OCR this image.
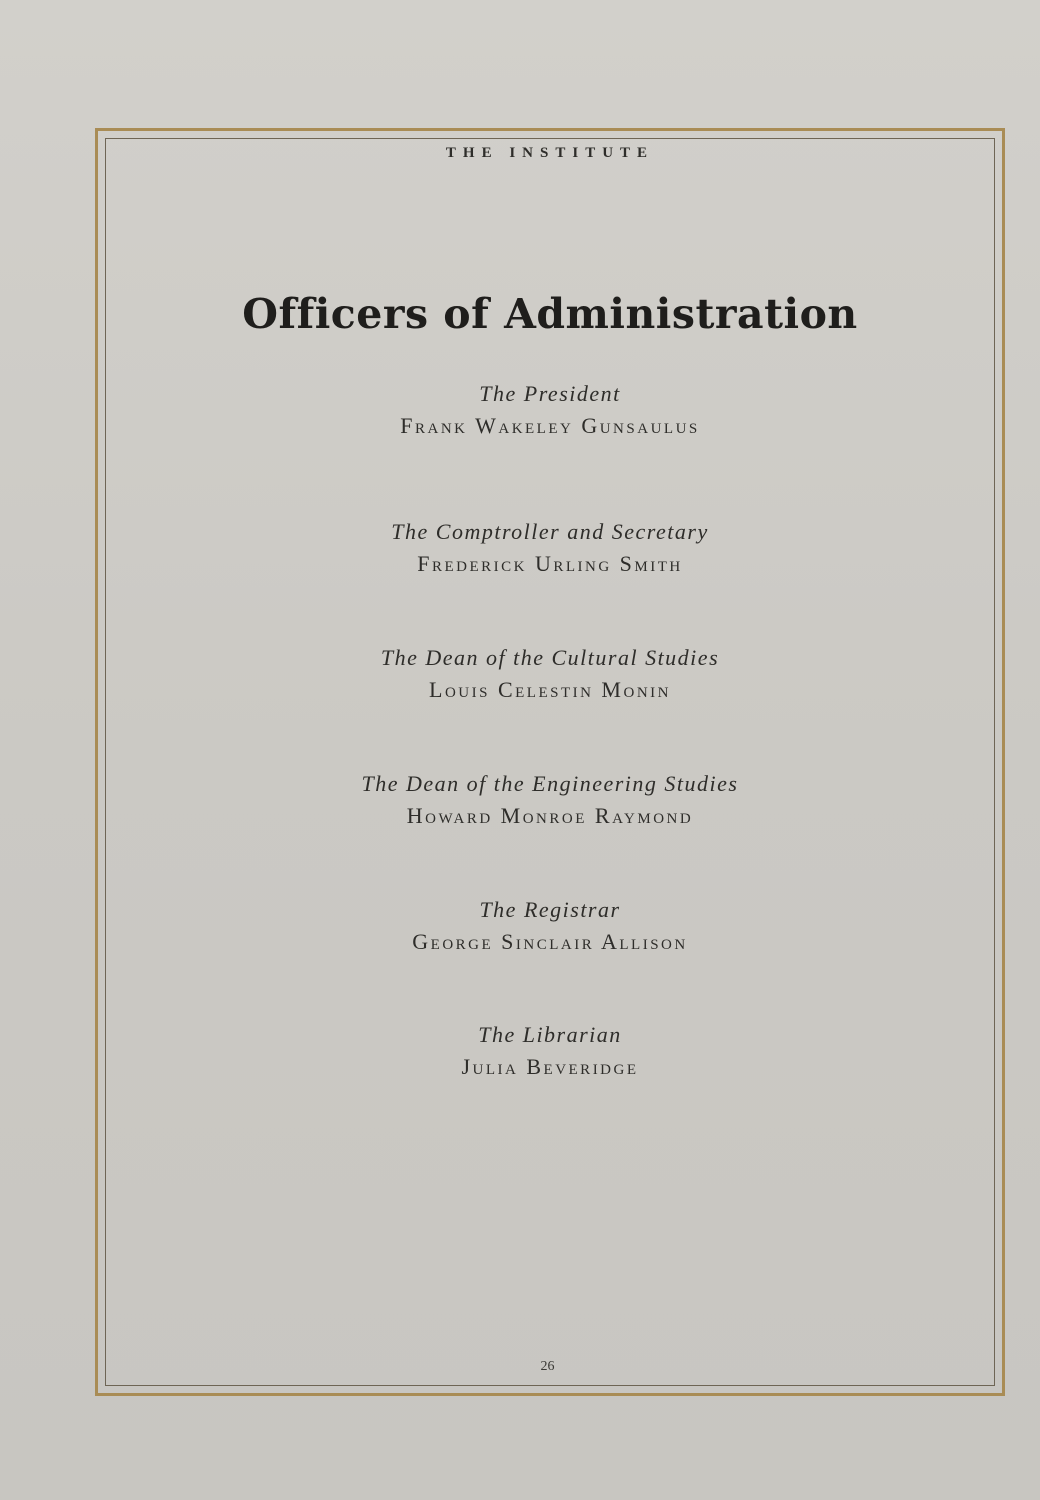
THE INSTITUTE
Officers of Administration
The President
Frank Wakeley Gunsaulus
The Comptroller and Secretary
Frederick Urling Smith
The Dean of the Cultural Studies
Louis Celestin Monin
The Dean of the Engineering Studies
Howard Monroe Raymond
The Registrar
George Sinclair Allison
The Librarian
Julia Beveridge
26
